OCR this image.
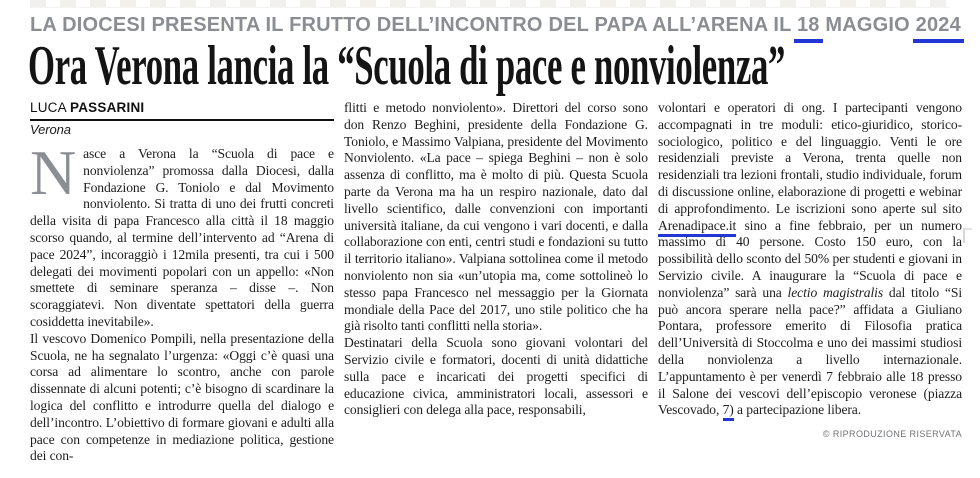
LA DIOCESI PRESENTA IL FRUTTO DELL’INCONTRO DEL PAPA ALL’ARENA IL 18 MAGGIO 2024
Ora Verona lancia la “Scuola di pace e nonviolenza”
LUCA PASSARINI
Verona

Nasce a Verona la “Scuola di pace e nonviolenza” promossa dalla Diocesi, dalla Fondazione G. Toniolo e dal Movimento nonviolento. Si tratta di uno dei frutti concreti della visita di papa Francesco alla città il 18 maggio scorso quando, al termine dell’intervento ad “Arena di pace 2024”, incoraggiò i 12mila presenti, tra cui i 500 delegati dei movimenti popolari con un appello: «Non smettete di seminare speranza – disse –. Non scoraggiatevi. Non diventate spettatori della guerra cosiddetta inevitabile».

Il vescovo Domenico Pompili, nella presentazione della Scuola, ne ha segnalato l’urgenza: «Oggi c’è quasi una corsa ad alimentare lo scontro, anche con parole dissennate di alcuni potenti; c’è bisogno di scardinare la logica del conflitto e introdurre quella del dialogo e dell’incontro. L’obiettivo di formare giovani e adulti alla pace con competenze in mediazione politica, gestione dei con-

flitti e metodo nonviolento». Direttori del corso sono don Renzo Beghini, presidente della Fondazione G. Toniolo, e Massimo Valpiana, presidente del Movimento Nonviolento. «La pace – spiega Beghini – non è solo assenza di conflitto, ma è molto di più. Questa Scuola parte da Verona ma ha un respiro nazionale, dato dal livello scientifico, dalle convenzioni con importanti università italiane, da cui vengono i vari docenti, e dalla collaborazione con enti, centri studi e fondazioni su tutto il territorio italiano». Valpiana sottolinea come il metodo nonviolento non sia «un’utopia ma, come sottolineò lo stesso papa Francesco nel messaggio per la Giornata mondiale della Pace del 2017, uno stile politico che ha già risolto tanti conflitti nella storia».

Destinatari della Scuola sono giovani volontari del Servizio civile e formatori, docenti di unità didattiche sulla pace e incaricati dei progetti specifici di educazione civica, amministratori locali, assessori e consiglieri con delega alla pace, responsabili,

volontari e operatori di ong. I partecipanti vengono accompagnati in tre moduli: etico-giuridico, storico-sociologico, politico e del linguaggio. Venti le ore residenziali previste a Verona, trenta quelle non residenziali tra lezioni frontali, studio individuale, forum di discussione online, elaborazione di progetti e webinar di approfondimento. Le iscrizioni sono aperte sul sito Arenadipace.it sino a fine febbraio, per un numero massimo di 40 persone. Costo 150 euro, con la possibilità dello sconto del 50% per studenti e giovani in Servizio civile. A inaugurare la “Scuola di pace e nonviolenza” sarà una lectio magistralis dal titolo “Si può ancora sperare nella pace?” affidata a Giuliano Pontara, professore emerito di Filosofia pratica dell’Università di Stoccolma e uno dei massimi studiosi della nonviolenza a livello internazionale. L’appuntamento è per venerdì 7 febbraio alle 18 presso il Salone dei vescovi dell’episcopio veronese (piazza Vescovado, 7) a partecipazione libera.

© RIPRODUZIONE RISERVATA
